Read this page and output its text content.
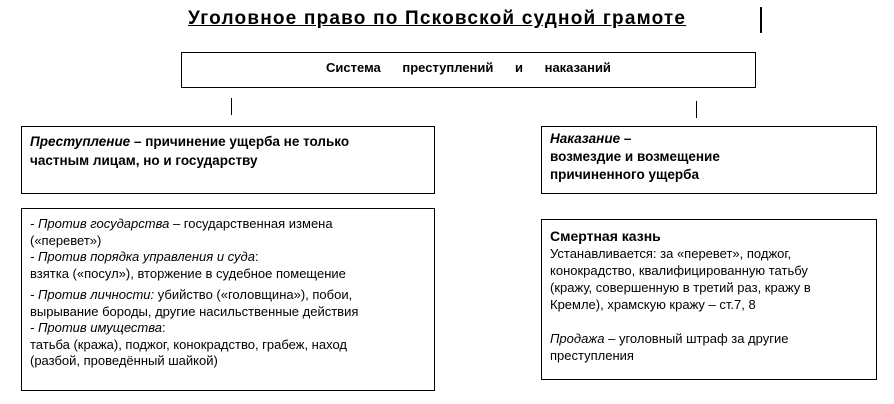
Уголовное право по Псковской судной грамоте
Система преступлений и наказаний

Преступление – причинение ущерба не только

частным лицам, но и государству

Наказание –

возмездие и возмещение

причиненного ущерба

- Против государства – государственная измена

(«перевет»)

- Против порядка управления и суда:

взятка («посул»), вторжение в судебное помещение

- Против личности: убийство («головщина»), побои,

вырывание бороды, другие насильственные действия

- Против имущества:

татьба (кража), поджог, конокрадство, грабеж, наход

(разбой, проведённый шайкой)

Смертная казнь

Устанавливается: за «перевет», поджог,

конокрадство, квалифицированную татьбу

(кражу, совершенную в третий раз, кражу в

Кремле), храмскую кражу – ст.7, 8

Продажа – уголовный штраф за другие

преступления
